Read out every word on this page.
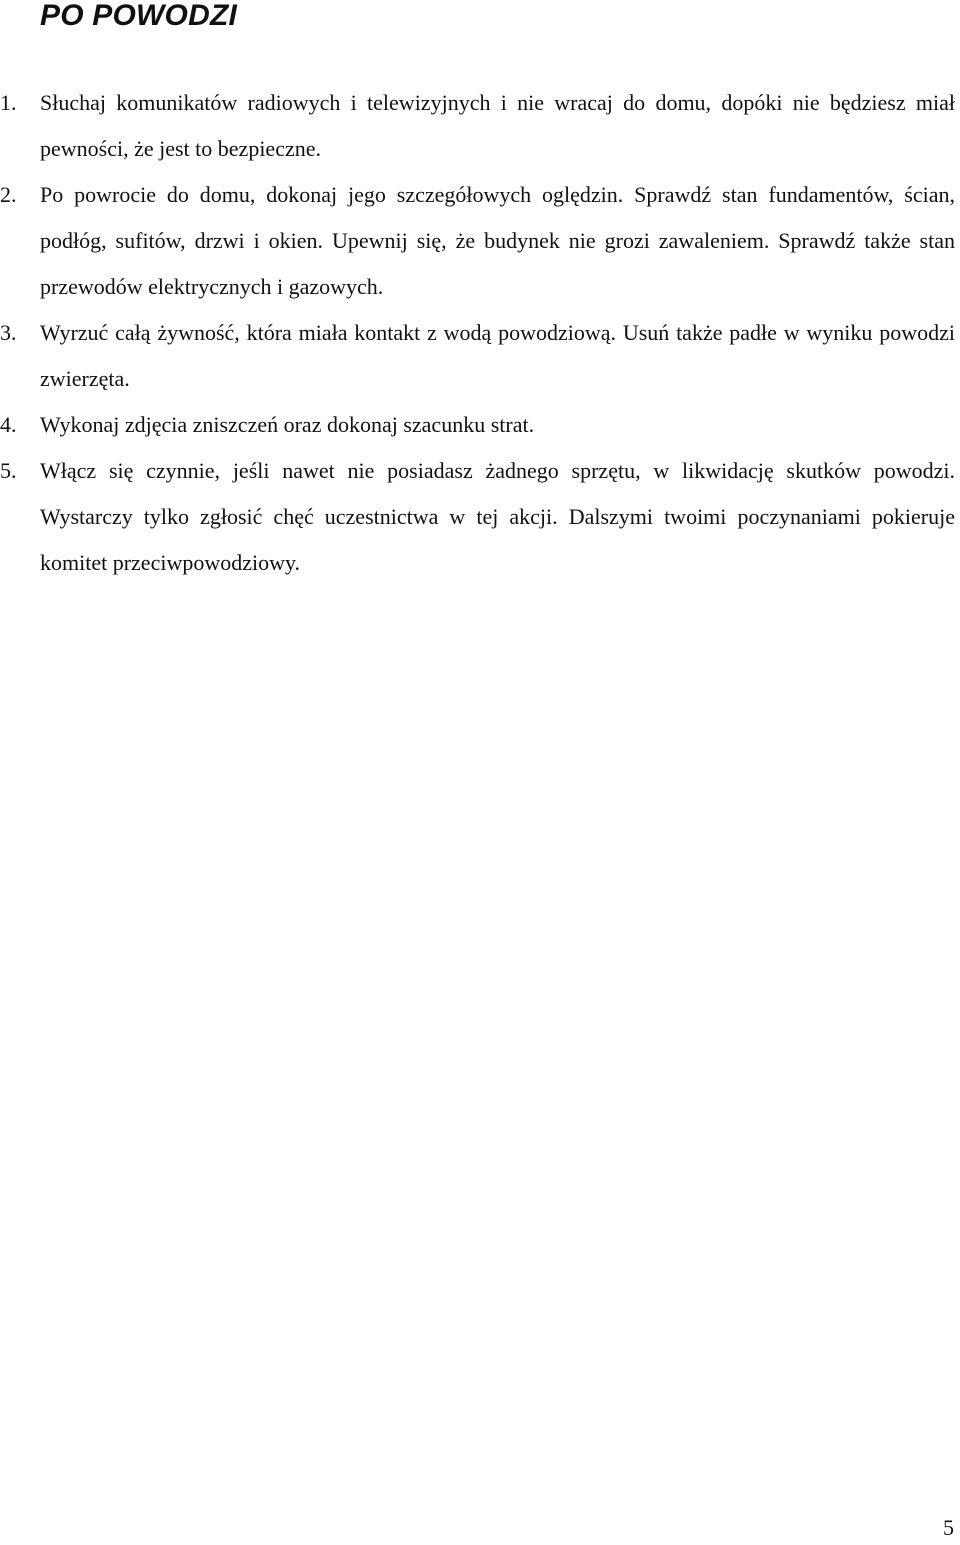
PO POWODZI
1.	Słuchaj komunikatów radiowych i telewizyjnych i nie wracaj do domu, dopóki nie będziesz miał pewności, że jest to bezpieczne.
2.	Po powrocie do domu, dokonaj jego szczegółowych oględzin. Sprawdź stan fundamentów, ścian, podłóg, sufitów, drzwi i okien. Upewnij się, że budynek nie grozi zawaleniem. Sprawdź także stan przewodów elektrycznych i gazowych.
3.	Wyrzuć całą żywność, która miała kontakt z wodą powodziową. Usuń także padłe w wyniku powodzi zwierzęta.
4.	Wykonaj zdjęcia zniszczeń oraz dokonaj szacunku strat.
5.	Włącz się czynnie, jeśli nawet nie posiadasz żadnego sprzętu, w likwidację skutków powodzi. Wystarczy tylko zgłosić chęć uczestnictwa w tej akcji. Dalszymi twoimi poczynaniami pokieruje komitet przeciwpowodziowy.
5
